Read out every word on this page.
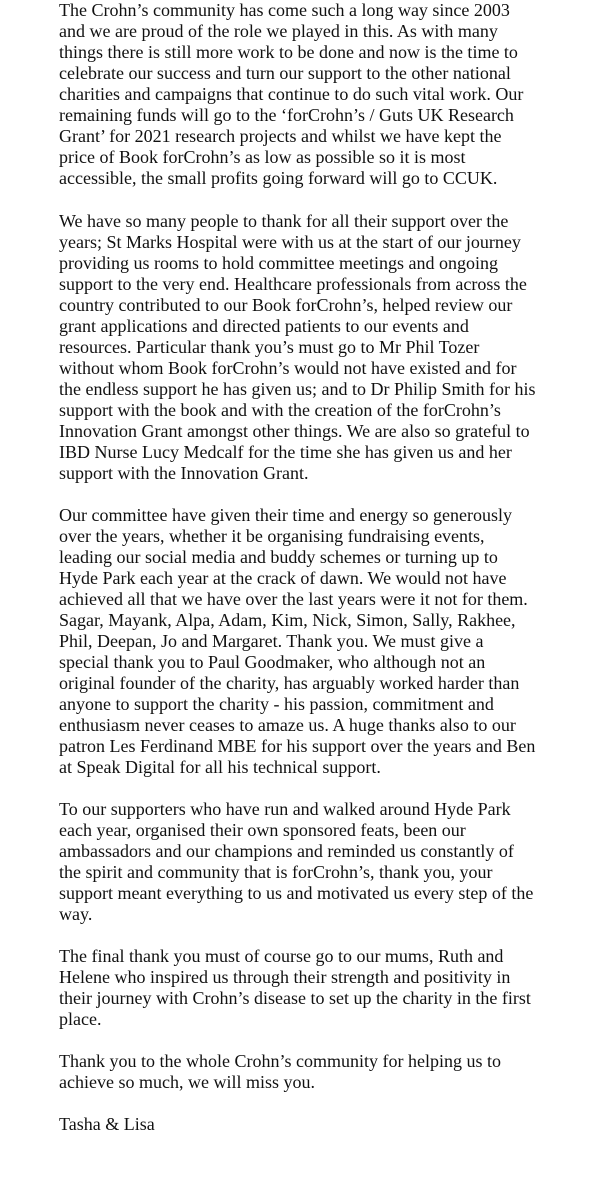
The Crohn’s community has come such a long way since 2003
and we are proud of the role we played in this. As with many
things there is still more work to be done and now is the time to
celebrate our success and turn our support to the other national
charities and campaigns that continue to do such vital work. Our
remaining funds will go to the ‘forCrohn’s / Guts UK Research
Grant’ for 2021 research projects and whilst we have kept the
price of Book forCrohn’s as low as possible so it is most
accessible, the small profits going forward will go to CCUK.

We have so many people to thank for all their support over the
years; St Marks Hospital were with us at the start of our journey
providing us rooms to hold committee meetings and ongoing
support to the very end. Healthcare professionals from across the
country contributed to our Book forCrohn’s, helped review our
grant applications and directed patients to our events and
resources. Particular thank you’s must go to Mr Phil Tozer
without whom Book forCrohn’s would not have existed and for
the endless support he has given us; and to Dr Philip Smith for his
support with the book and with the creation of the forCrohn’s
Innovation Grant amongst other things. We are also so grateful to
IBD Nurse Lucy Medcalf for the time she has given us and her
support with the Innovation Grant.

Our committee have given their time and energy so generously
over the years, whether it be organising fundraising events,
leading our social media and buddy schemes or turning up to
Hyde Park each year at the crack of dawn. We would not have
achieved all that we have over the last years were it not for them.
Sagar, Mayank, Alpa, Adam, Kim, Nick, Simon, Sally, Rakhee,
Phil, Deepan, Jo and Margaret. Thank you. We must give a
special thank you to Paul Goodmaker, who although not an
original founder of the charity, has arguably worked harder than
anyone to support the charity - his passion, commitment and
enthusiasm never ceases to amaze us. A huge thanks also to our
patron Les Ferdinand MBE for his support over the years and Ben
at Speak Digital for all his technical support.

To our supporters who have run and walked around Hyde Park
each year, organised their own sponsored feats, been our
ambassadors and our champions and reminded us constantly of
the spirit and community that is forCrohn’s, thank you, your
support meant everything to us and motivated us every step of the
way.

The final thank you must of course go to our mums, Ruth and
Helene who inspired us through their strength and positivity in
their journey with Crohn’s disease to set up the charity in the first
place.

Thank you to the whole Crohn’s community for helping us to
achieve so much, we will miss you.

Tasha & Lisa
